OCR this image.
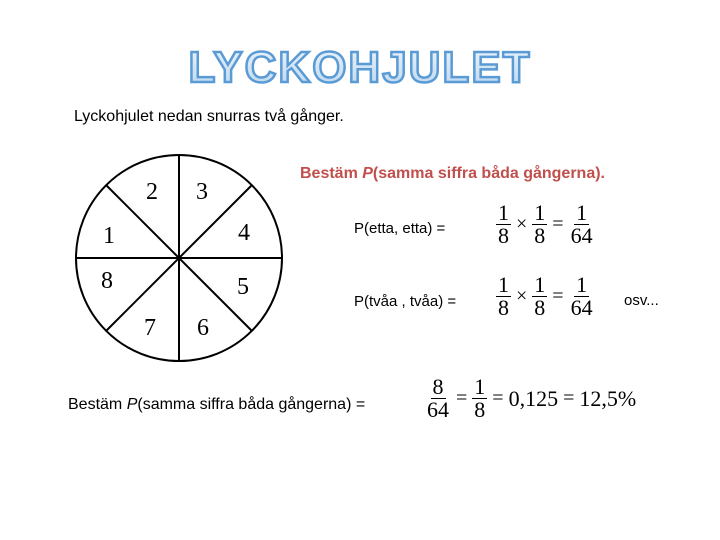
LYCKOHJULET
Lyckohjulet nedan snurras två gånger.
Bestäm P(samma siffra båda gångerna).
2 3
4
5
6
7
8
1	P(etta, etta) = $\frac{1}{8} \times \frac{1}{8} = \frac{1}{64}$
P(tvåa , tvåa) = $\frac{1}{8} \times \frac{1}{8} = \frac{1}{64}$ osv...
Bestäm P(samma siffra båda gångerna) =	$\frac{8}{64} = \frac{1}{8} = 0,125 = 12,5\%$
